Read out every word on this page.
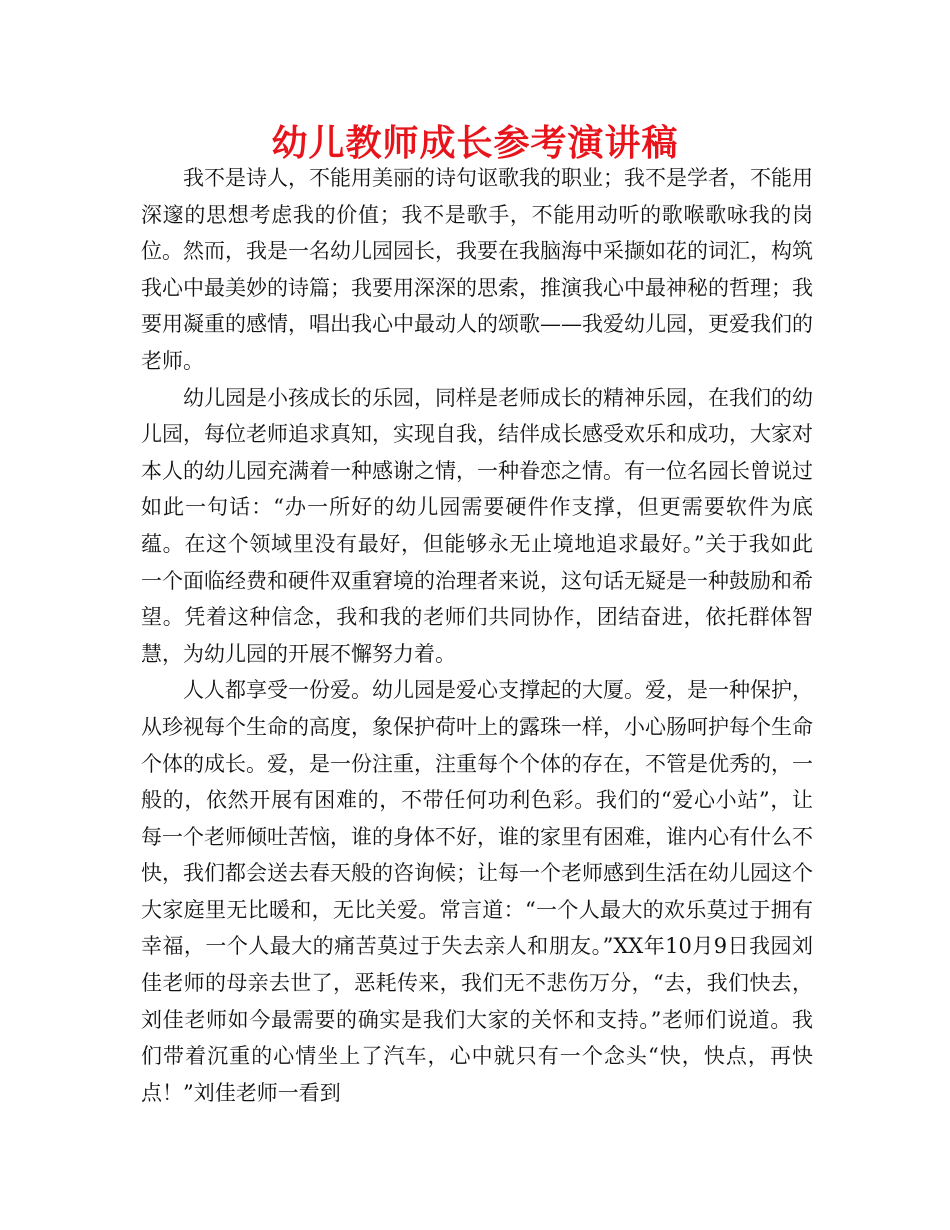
幼儿教师成长参考演讲稿

我不是诗人，不能用美丽的诗句讴歌我的职业；我不是学者，不能用深邃的思想考虑我的价值；我不是歌手，不能用动听的歌喉歌咏我的岗位。然而，我是一名幼儿园园长，我要在我脑海中采撷如花的词汇，构筑我心中最美妙的诗篇；我要用深深的思索，推演我心中最神秘的哲理；我要用凝重的感情，唱出我心中最动人的颂歌——我爱幼儿园，更爱我们的老师。

幼儿园是小孩成长的乐园，同样是老师成长的精神乐园，在我们的幼儿园，每位老师追求真知，实现自我，结伴成长感受欢乐和成功，大家对本人的幼儿园充满着一种感谢之情，一种眷恋之情。有一位名园长曾说过如此一句话：“办一所好的幼儿园需要硬件作支撑，但更需要软件为底蕴。在这个领域里没有最好，但能够永无止境地追求最好。”关于我如此一个面临经费和硬件双重窘境的治理者来说，这句话无疑是一种鼓励和希望。凭着这种信念，我和我的老师们共同协作，团结奋进，依托群体智慧，为幼儿园的开展不懈努力着。

人人都享受一份爱。幼儿园是爱心支撑起的大厦。爱，是一种保护，从珍视每个生命的高度，象保护荷叶上的露珠一样，小心肠呵护每个生命个体的成长。爱，是一份注重，注重每个个体的存在，不管是优秀的，一般的，依然开展有困难的，不带任何功利色彩。我们的“爱心小站”，让每一个老师倾吐苦恼，谁的身体不好，谁的家里有困难，谁内心有什么不快，我们都会送去春天般的咨询候；让每一个老师感到生活在幼儿园这个大家庭里无比暖和，无比关爱。常言道：“一个人最大的欢乐莫过于拥有幸福，一个人最大的痛苦莫过于失去亲人和朋友。”XX年10月9日我园刘佳老师的母亲去世了，恶耗传来，我们无不悲伤万分，“去，我们快去，刘佳老师如今最需要的确实是我们大家的关怀和支持。”老师们说道。我们带着沉重的心情坐上了汽车，心中就只有一个念头“快，快点，再快点！”刘佳老师一看到
